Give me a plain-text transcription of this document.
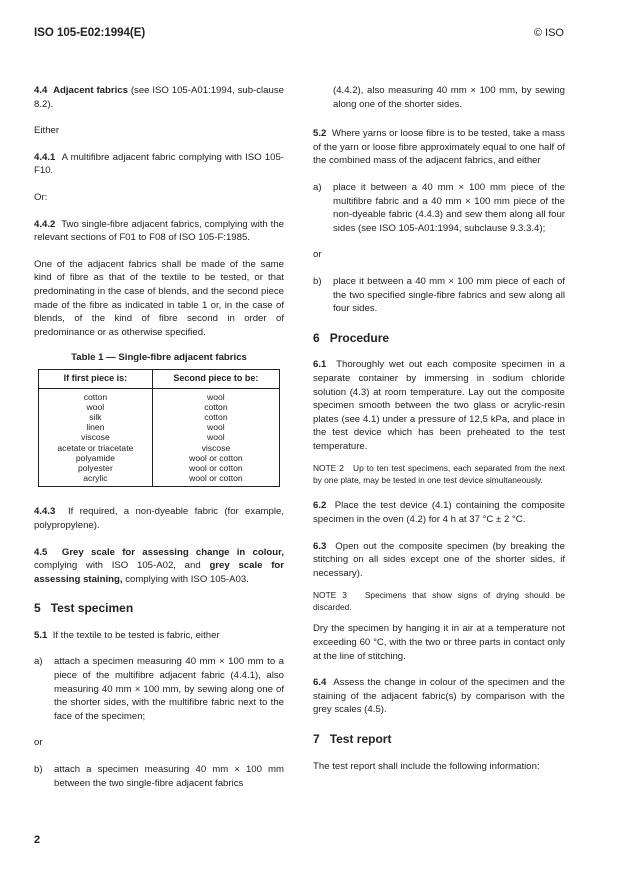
ISO 105-E02:1994(E)	© ISO

4.4 Adjacent fabrics (see ISO 105-A01:1994, sub-clause 8.2).

Either

4.4.1 A multifibre adjacent fabric complying with ISO 105-F10.

Or:

4.4.2 Two single-fibre adjacent fabrics, complying with the relevant sections of F01 to F08 of ISO 105-F:1985.

One of the adjacent fabrics shall be made of the same kind of fibre as that of the textile to be tested, or that predominating in the case of blends, and the second piece made of the fibre as indicated in table 1 or, in the case of blends, of the kind of fibre second in order of predominance or as otherwise specified.

Table 1 — Single-fibre adjacent fabrics
If first piece is:	Second piece to be:
cotton	wool
wool	cotton
silk	cotton
linen	wool
viscose	wool
acetate or triacetate	viscose
polyamide	wool or cotton
polyester	wool or cotton
acrylic	wool or cotton

4.4.3 If required, a non-dyeable fabric (for example, polypropylene).

4.5 Grey scale for assessing change in colour, complying with ISO 105-A02, and grey scale for assessing staining, complying with ISO 105-A03.

5 Test specimen

5.1 If the textile to be tested is fabric, either

a)	attach a specimen measuring 40 mm × 100 mm to a piece of the multifibre adjacent fabric (4.4.1), also measuring 40 mm × 100 mm, by sewing along one of the shorter sides, with the multifibre fabric next to the face of the specimen;

or

b)	attach a specimen measuring 40 mm × 100 mm between the two single-fibre adjacent fabrics
(4.4.2), also measuring 40 mm × 100 mm, by sewing along one of the shorter sides.

5.2 Where yarns or loose fibre is to be tested, take a mass of the yarn or loose fibre approximately equal to one half of the combined mass of the adjacent fabrics, and either

a)	place it between a 40 mm × 100 mm piece of the multifibre fabric and a 40 mm × 100 mm piece of the non-dyeable fabric (4.4.3) and sew them along all four sides (see ISO 105-A01:1994, subclause 9.3.3.4);

or

b)	place it between a 40 mm × 100 mm piece of each of the two specified single-fibre fabrics and sew along all four sides.
6 Procedure

6.1 Thoroughly wet out each composite specimen in a separate container by immersing in sodium chloride solution (4.3) at room temperature. Lay out the composite specimen smooth between the two glass or acrylic-resin plates (see 4.1) under a pressure of 12,5 kPa, and place in the test device which has been preheated to the test temperature.

NOTE 2 Up to ten test specimens, each separated from the next by one plate, may be tested in one test device simultaneously.

6.2 Place the test device (4.1) containing the composite specimen in the oven (4.2) for 4 h at 37 °C ± 2 °C.

6.3 Open out the composite specimen (by breaking the stitching on all sides except one of the shorter sides, if necessary).

NOTE 3 Specimens that show signs of drying should be discarded.

Dry the specimen by hanging it in air at a temperature not exceeding 60 °C, with the two or three parts in contact only at the line of stitching.

6.4 Assess the change in colour of the specimen and the staining of the adjacent fabric(s) by comparison with the grey scales (4.5).

7 Test report

The test report shall include the following information:

2
